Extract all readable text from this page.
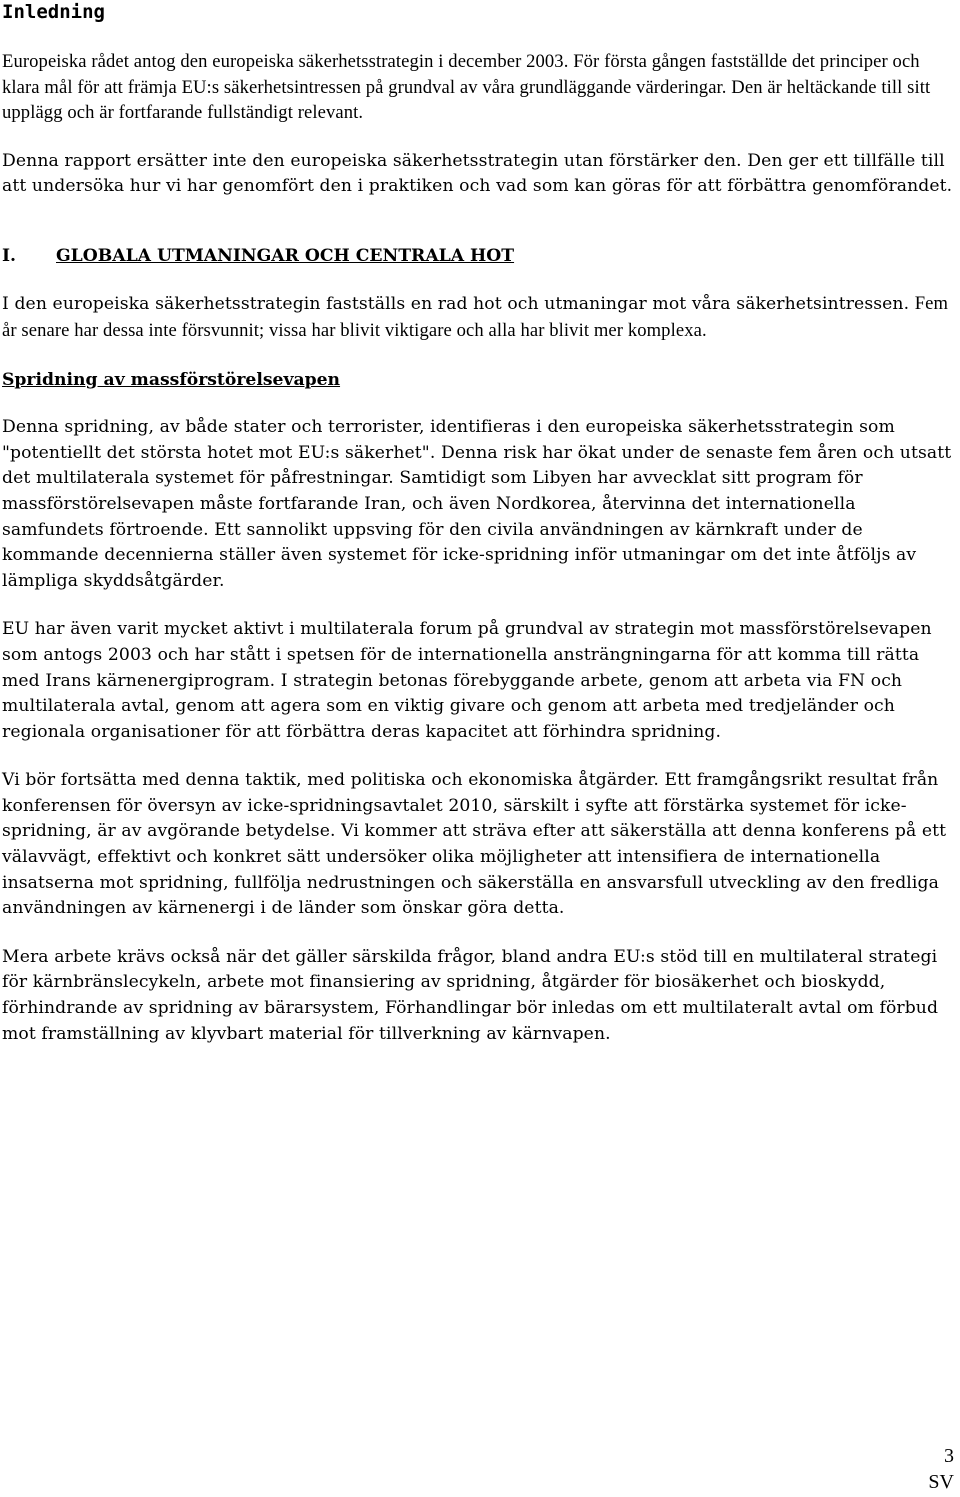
Inledning

Europeiska rådet antog den europeiska säkerhetsstrategin i december 2003. För första gången fastställde det principer och klara mål för att främja EU:s säkerhetsintressen på grundval av våra grundläggande värderingar. Den är heltäckande till sitt upplägg och är fortfarande fullständigt relevant.

Denna rapport ersätter inte den europeiska säkerhetsstrategin utan förstärker den. Den ger ett tillfälle till att undersöka hur vi har genomfört den i praktiken och vad som kan göras för att förbättra genomförandet.

I.	GLOBALA UTMANINGAR OCH CENTRALA HOT

I den europeiska säkerhetsstrategin fastställs en rad hot och utmaningar mot våra säkerhetsintressen. Fem år senare har dessa inte försvunnit; vissa har blivit viktigare och alla har blivit mer komplexa.

Spridning av massförstörelsevapen

Denna spridning, av både stater och terrorister, identifieras i den europeiska säkerhetsstrategin som "potentiellt det största hotet mot EU:s säkerhet". Denna risk har ökat under de senaste fem åren och utsatt det multilaterala systemet för påfrestningar. Samtidigt som Libyen har avvecklat sitt program för massförstörelsevapen måste fortfarande Iran, och även Nordkorea, återvinna det internationella samfundets förtroende. Ett sannolikt uppsving för den civila användningen av kärnkraft under de kommande decennierna ställer även systemet för icke-spridning inför utmaningar om det inte åtföljs av lämpliga skyddsåtgärder.

EU har även varit mycket aktivt i multilaterala forum på grundval av strategin mot massförstörelsevapen som antogs 2003 och har stått i spetsen för de internationella ansträngningarna för att komma till rätta med Irans kärnenergiprogram. I strategin betonas förebyggande arbete, genom att arbeta via FN och multilaterala avtal, genom att agera som en viktig givare och genom att arbeta med tredjeländer och regionala organisationer för att förbättra deras kapacitet att förhindra spridning.

Vi bör fortsätta med denna taktik, med politiska och ekonomiska åtgärder. Ett framgångsrikt resultat från konferensen för översyn av icke-spridningsavtalet 2010, särskilt i syfte att förstärka systemet för icke-spridning, är av avgörande betydelse. Vi kommer att sträva efter att säkerställa att denna konferens på ett välavvägt, effektivt och konkret sätt undersöker olika möjligheter att intensifiera de internationella insatserna mot spridning, fullfölja nedrustningen och säkerställa en ansvarsfull utveckling av den fredliga användningen av kärnenergi i de länder som önskar göra detta.

Mera arbete krävs också när det gäller särskilda frågor, bland andra EU:s stöd till en multilateral strategi för kärnbränslecykeln, arbete mot finansiering av spridning, åtgärder för biosäkerhet och bioskydd, förhindrande av spridning av bärarsystem, Förhandlingar bör inledas om ett multilateralt avtal om förbud mot framställning av klyvbart material för tillverkning av kärnvapen.

3
SV
